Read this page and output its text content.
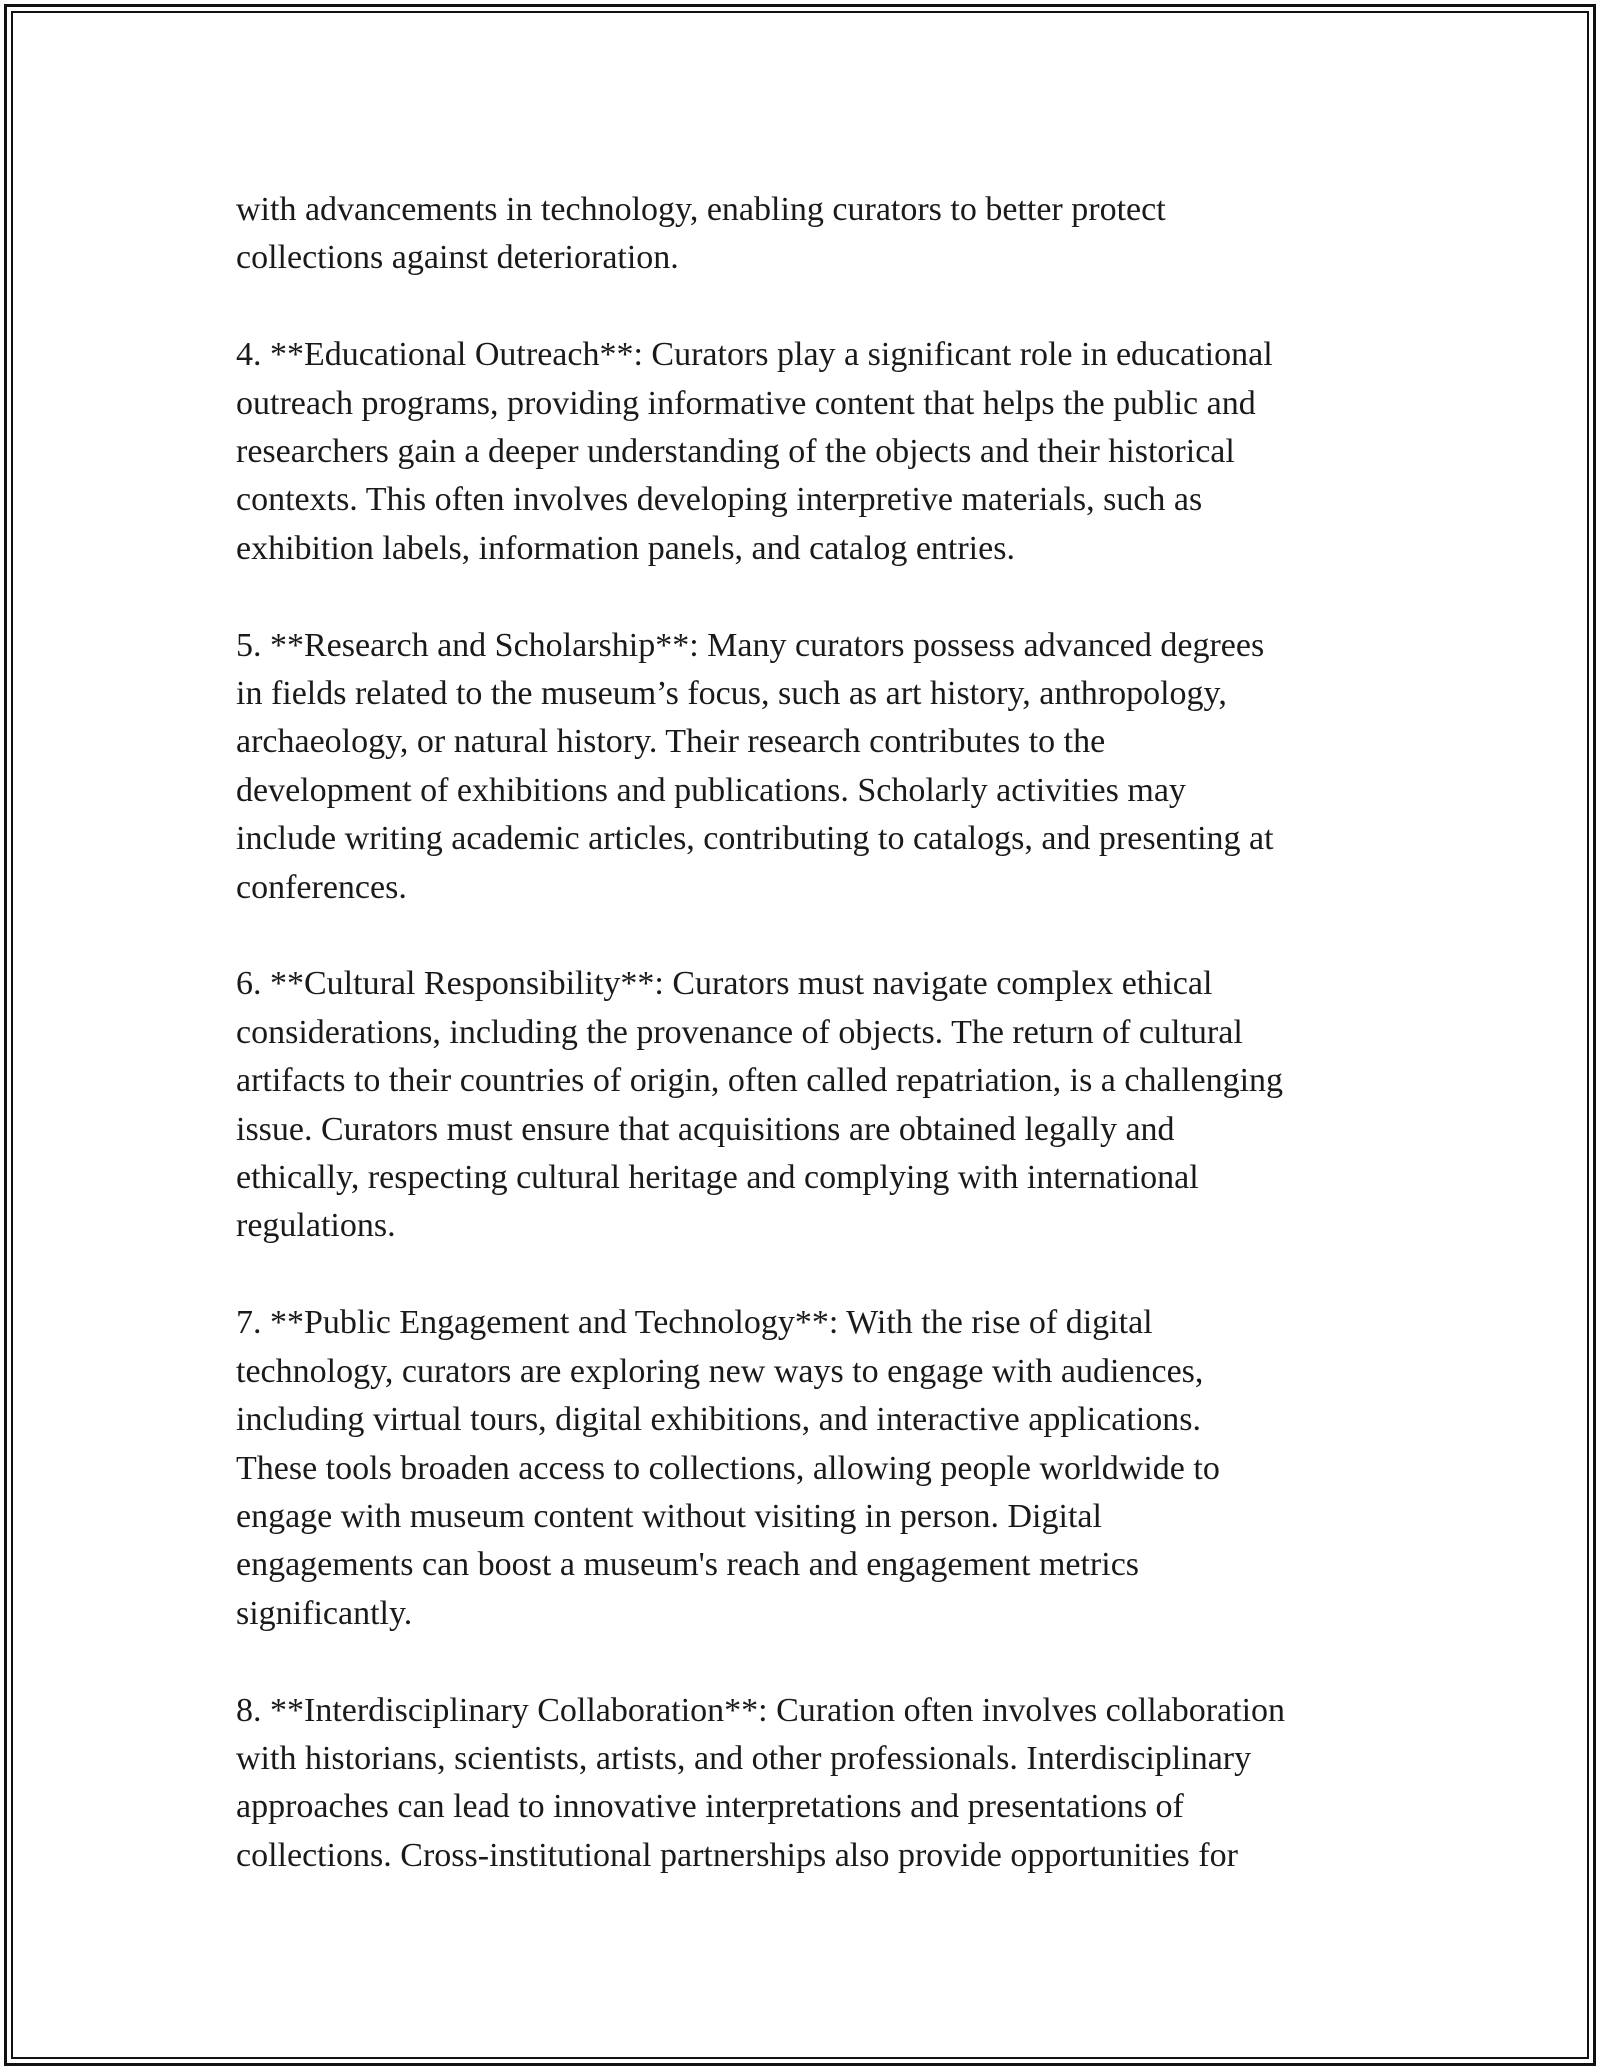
with advancements in technology, enabling curators to better protect
collections against deterioration.

4. **Educational Outreach**: Curators play a significant role in educational
outreach programs, providing informative content that helps the public and
researchers gain a deeper understanding of the objects and their historical
contexts. This often involves developing interpretive materials, such as
exhibition labels, information panels, and catalog entries.

5. **Research and Scholarship**: Many curators possess advanced degrees
in fields related to the museum’s focus, such as art history, anthropology,
archaeology, or natural history. Their research contributes to the
development of exhibitions and publications. Scholarly activities may
include writing academic articles, contributing to catalogs, and presenting at
conferences.

6. **Cultural Responsibility**: Curators must navigate complex ethical
considerations, including the provenance of objects. The return of cultural
artifacts to their countries of origin, often called repatriation, is a challenging
issue. Curators must ensure that acquisitions are obtained legally and
ethically, respecting cultural heritage and complying with international
regulations.

7. **Public Engagement and Technology**: With the rise of digital
technology, curators are exploring new ways to engage with audiences,
including virtual tours, digital exhibitions, and interactive applications.
These tools broaden access to collections, allowing people worldwide to
engage with museum content without visiting in person. Digital
engagements can boost a museum's reach and engagement metrics
significantly.

8. **Interdisciplinary Collaboration**: Curation often involves collaboration
with historians, scientists, artists, and other professionals. Interdisciplinary
approaches can lead to innovative interpretations and presentations of
collections. Cross-institutional partnerships also provide opportunities for
